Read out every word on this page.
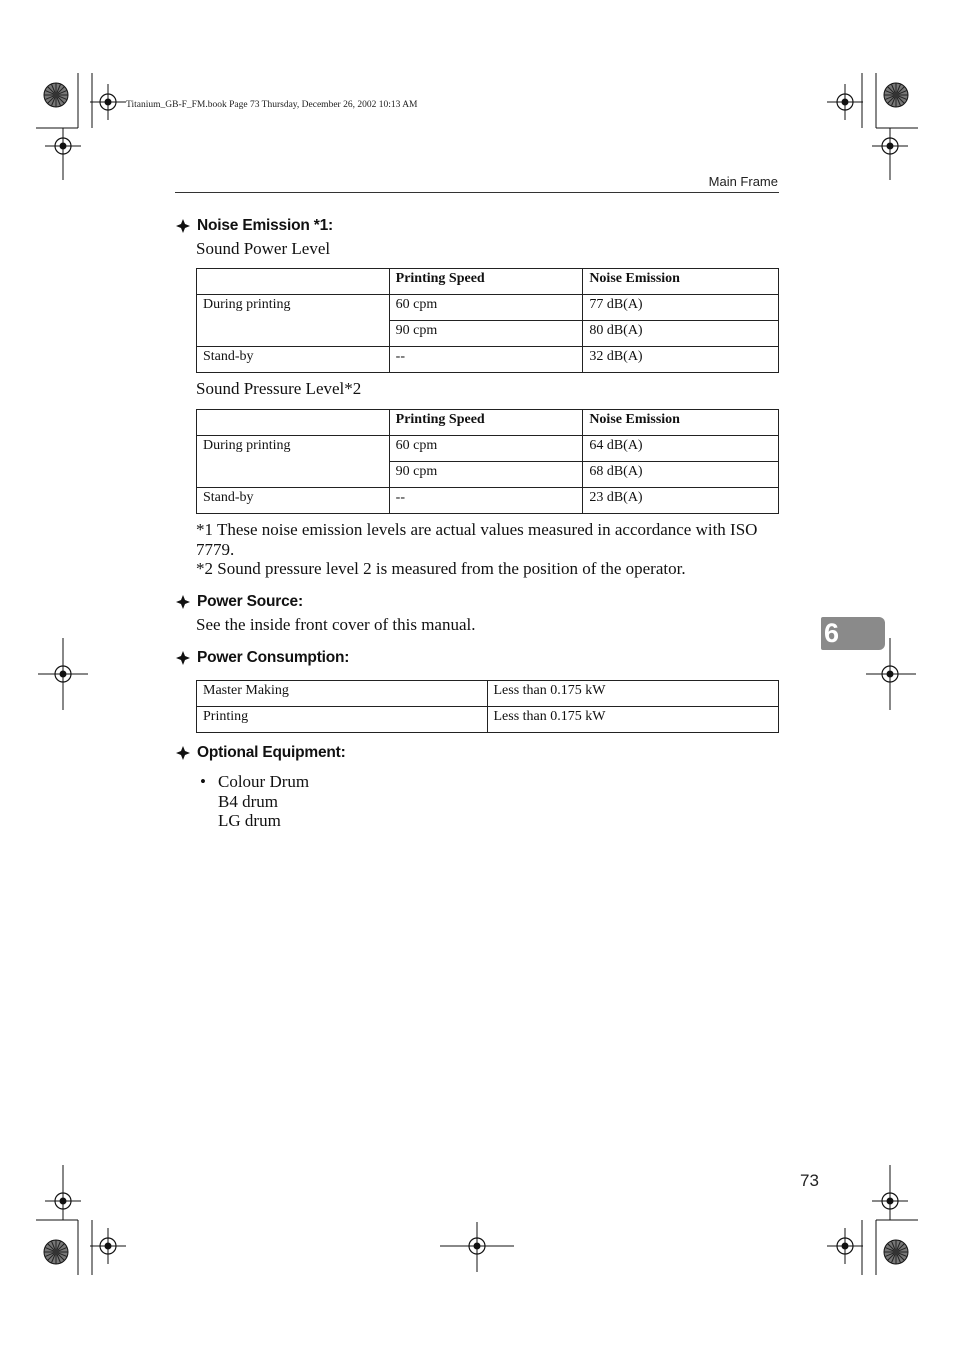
Titanium_GB-F_FM.book Page 73 Thursday, December 26, 2002 10:13 AM
Main Frame
Noise Emission *1:
Sound Power Level
	Printing Speed	Noise Emission
During printing	60 cpm	77 dB(A)
	90 cpm	80 dB(A)
Stand-by	--	32 dB(A)
Sound Pressure Level*2
	Printing Speed	Noise Emission
During printing	60 cpm	64 dB(A)
	90 cpm	68 dB(A)
Stand-by	--	23 dB(A)
*1 These noise emission levels are actual values measured in accordance with ISO 7779.
*2 Sound pressure level 2 is measured from the position of the operator.
Power Source:
See the inside front cover of this manual.
Power Consumption:
Master Making	Less than 0.175 kW
Printing	Less than 0.175 kW
Optional Equipment:
• Colour Drum
B4 drum
LG drum
6
73
